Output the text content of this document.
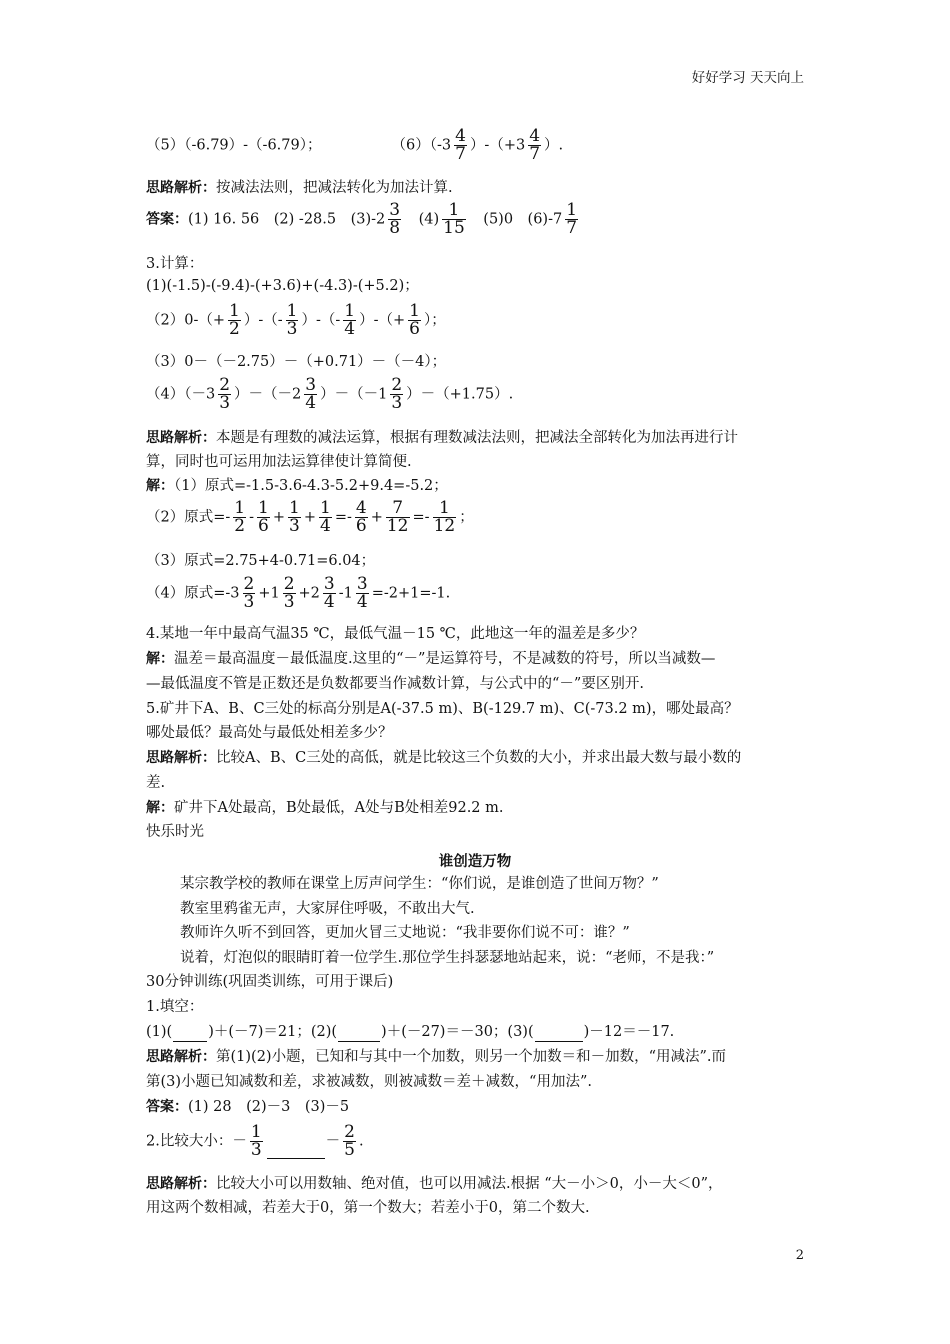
好好学习 天天向上
（5）（-6.79）-（-6.79）；	$(6)(-3 \frac{4}{7} )-(+3 \frac{4}{7}$ ）.
思路解析：按减法法则，把减法转化为加法计算.
答案：(1) 16. 56　(2) -28.5　$(3)-2 \frac{3}{8}$
　 $(4) \frac{1}{15}$
　 (5)0　$(6)-7 \frac{1}{7}$
3.计算：
(1)(-1.5)-(-9.4)-(+3.6)+(-4.3)-(+5.2)；
$(2)0-(+ \frac{1}{2}$ ）-（- $\frac{1}{3}$ ）-（- $\frac{1}{4}$ ）-（+ $\frac{1}{6}$ ）；
（3）0－（－2.75）－（+0.71）－（－4）；
$(4)(-3 \frac{2}{3} )-(-2 \frac{3}{4} )-(-1 \frac{2}{3} )-(+1.75)$.
思路解析：本题是有理数的减法运算，根据有理数减法法则，把减法全部转化为加法再进行计
算，同时也可运用加法运算律使计算简便.
解：（1）原式=-1.5-3.6-4.3-5.2+9.4=-5.2；
（2）原式=- $\frac{1}{2} - \frac{1}{6} + \frac{1}{3} + \frac{1}{4} =- \frac{4}{6} + \frac{7}{12} =- \frac{1}{12}$ ；
（3）原式=2.75+4-0.71=6.04；
（4）原式$=-3 \frac{2}{3} +1 \frac{2}{3} +2 \frac{3}{4} -1 \frac{3}{4} =-2+1=-1$.
4.某地一年中最高气温35 ℃，最低气温－15 ℃，此地这一年的温差是多少？
解：温差＝最高温度－最低温度.这里的“－”是运算符号，不是减数的符号，所以当减数—
—最低温度不管是正数还是负数都要当作减数计算，与公式中的“－”要区别开.
5.矿井下A、B、C三处的标高分别是A(-37.5 m)、B(-129.7 m)、C(-73.2 m)，哪处最高？
哪处最低？最高处与最低处相差多少？
思路解析：比较A、B、C三处的高低，就是比较这三个负数的大小，并求出最大数与最小数的
差.
解：矿井下A处最高，B处最低，A处与B处相差92.2 m.
快乐时光
谁创造万物
某宗教学校的教师在课堂上厉声问学生：“你们说，是谁创造了世间万物？”
教室里鸦雀无声，大家屏住呼吸，不敢出大气.
教师许久听不到回答，更加火冒三丈地说：“我非要你们说不可：谁？”
说着，灯泡似的眼睛盯着一位学生.那位学生抖瑟瑟地站起来，说：“老师，不是我：”
30分钟训练(巩固类训练，可用于课后)
1.填空：
(1)( )＋(－7)＝21；(2)(	)＋(－27)＝－30；(3)(	)－12＝－17.
思路解析：第(1)(2)小题，已知和与其中一个加数，则另一个加数＝和－加数，“用减法”.而
第(3)小题已知减数和差，求被减数，则被减数＝差＋减数，“用加法”.
答案：(1) 28　(2)－3　(3)－5
2.比较大小：－ $\frac{1}{3}$	－ $\frac{2}{5}$ .
思路解析：比较大小可以用数轴、绝对值，也可以用减法.根据 “大－小＞0，小－大＜0”，
用这两个数相减，若差大于0，第一个数大；若差小于0，第二个数大.
2
